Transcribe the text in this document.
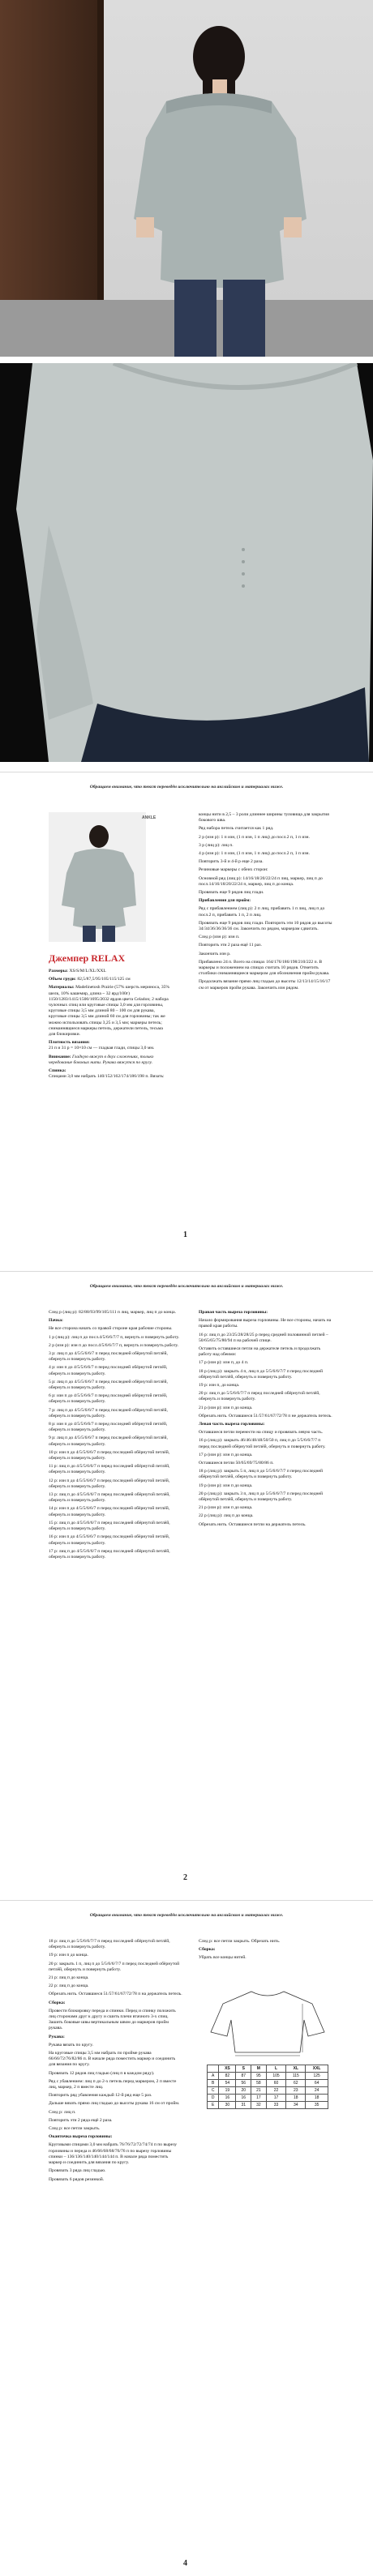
Обращаем внимание, что текст переведён исключительно на английском и материалах ниже.

ANKLE
Джемпер RELAX

Размеры: XS/S/M/L/XL/XXL

Объем груди: 82,5/87,5/95/105/115/125 см

Материалы: Madelinetosh Prairie (57% шерсть мериноса, 35% шелк, 10% кашемир, длина ~ 32 ярд/100г) 1150/1283/1415/1500/1695/2032 ярдов цвета Celadon; 2 набора чулочных спиц или круговые спицы 3,0 мм для горловины, круговые спицы 3,5 мм длиной 80 – 100 см для рукава, круговые спицы 3,5 мм длиной 60 см для горловины; так же можно использовать спицы 3,25 и 3,5 мм; маркеры петель; сниманнящиеся маркеры петель, держатели петель, тесьма для блокировки.

Плотность вязания:
21 п и 31 р = 10×10 см — гладкая глади, спицы 3,0 мм.

Внимание: Гладкую вяжут в двух сложениях, только чередование боковых нити. Рукава вяжутся по кругу.

Спинка:
Спицами 3,0 мм набрать 140/152/162/174/186/198 п. Вязать:

концы нити в 2,5 – 3 роли длиннее ширины туловища для закрытия бокового шва.

Ряд набора петель считается как 1 ряд.

2 р (изн р): 1 п изн, (1 п изн, 1 п лиц) до посл.2 п, 1 п изн.

3 р (лиц р): лиц п.

4 р (изн р): 1 п изн, (1 п изн, 1 п лиц) до посл.2 п, 1 п изн.

Повторить 3-й и 4-й р еще 2 раза.

Резиновые маркеры с обеих сторон:

Основной ряд (лиц р): 14/16/18/20/22/24 п лиц, маркер, лиц п до посл.14/16/18/20/22/24 п, маркер, лиц п до конца.

Провязать еще 9 рядов лиц глади.

Прибавления для пройм:

Ряд с прибавлением (лиц р): 2 п лиц, прибавить 1 п лиц, лиц п до посл.2 п, прибавить 1 п, 2 п лиц.

Провязать еще 9 рядов лиц глади. Повторить эти 10 рядов до высоты 34/34/36/36/36/36 см. Закончить по рядом, маркерам сдвигать.

След р (изн р): изн п.

Повторить эти 2 раза ещё 11 раз.

Закончить изн р.

Прибавлено 24 п. Всего на спицах 164/176/186/198/210/222 п. В маркеры и положением на спицах считать 10 рядов. Отметить столбики сниманнящиеся маркером для обозначения пройм рукава.

Продолжать вязание прямо лиц гладью до высоты 12/13/14/15/16/17 см от маркеров пройм рукава. Закончить изн рядом.

1

Обращаем внимание, что текст переведён исключительно на английском и материалах ниже.

След р (лиц р): 82/88/93/99/105/111 п лиц, маркер, лиц п до конца.

Пачка:

Не все сторона начать со правой стороне края рабочие стороны.

1 р (лиц р): лиц п до посл.4/5/6/6/7/7 п, вернуть и повернуть работу.

2 р (изн р): изн п до посл.4/5/6/6/7/7 п, вернуть и повернуть работу.

3 р: лиц п до 4/5/5/6/6/7 п перед последней обёрнутой петлёй, обернуть и повернуть работу.

4 р: изн п до 4/5/5/6/6/7 п перед последней обёрнутой петлёй, обернуть и повернуть работу.

5 р: лиц п до 4/5/5/6/6/7 п перед последней обёрнутой петлёй, обернуть и повернуть работу.

6 р: изн п до 4/5/5/6/6/7 п перед последней обёрнутой петлёй, обернуть и повернуть работу.

7 р: лиц п до 4/5/5/6/6/7 п перед последней обёрнутой петлёй, обернуть и повернуть работу.

8 р: изн п до 4/5/5/6/6/7 п перед последней обёрнутой петлёй, обернуть и повернуть работу.

9 р: лиц п до 4/5/5/6/6/7 п перед последней обёрнутой петлёй, обернуть и повернуть работу.

10 р: изн п до 4/5/5/6/6/7 п перед последней обёрнутой петлёй, обернуть и повернуть работу.

11 р: лиц п до 4/5/5/6/6/7 п перед последней обёрнутой петлёй, обернуть и повернуть работу.

12 р: изн п до 4/5/5/6/6/7 п перед последней обёрнутой петлёй, обернуть и повернуть работу.

13 р: лиц п до 4/5/5/6/6/7 п перед последней обёрнутой петлёй, обернуть и повернуть работу.

14 р: изн п до 4/5/5/6/6/7 п перед последней обёрнутой петлёй, обернуть и повернуть работу.

15 р: лиц п до 4/5/5/6/6/7 п перед последней обёрнутой петлёй, обернуть и повернуть работу.

16 р: изн п до 4/5/5/6/6/7 п перед последней обёрнутой петлёй, обернуть и повернуть работу.

17 р: лиц п до 4/5/5/6/6/7 п перед последней обёрнутой петлёй, обернуть и повернуть работу.

Правая часть выреза горловины:

Начало формирования выреза горловины. Не все стороны, начать на правой края работы.

16 р: лиц п до 23/25/28/28/25 р перед средней половинной петлей – 50/65/65/75/80/94 п на рабочей спице.

Оставить оставшиеся петли на держателе петель и продолжать работу над обеими:

17 р (изн р): изн п, до 4 п.

18 р (лиц р): закрыть 4 п, лиц п до 5/5/6/6/7/7 п перед последней обёрнутой петлёй, обернуть и повернуть работу.

19 р: изн п, до конца.

20 р: лиц п до 5/5/6/6/7/7 п перед последней обёрнутой петлёй, обернуть и повернуть работу.

21 р (изн р): изн п до конца.

Обрезать нить. Оставшиеся 51/57/61/67/72/78 п не держатель петель.

Левая часть выреза горловины:

Оставшиеся петли перенести на спицу и провязать левую часть.

16 р (лиц р): закрыть 46/46/48/48/50/50 п, лиц п до 5/5/6/6/7/7 п перед последней обёрнутой петлёй, обернуть и повернуть работу.

17 р (изн р): изн п до конца.

Оставшиеся петли 50/65/69/75/80/86 п.

18 р (лиц р): закрыть 5 п, лиц п до 5/5/6/6/7/7 п перед последней обёрнутой петлёй, обернуть и повернуть работу.

19 р (изн р): изн п до конца.

20 р (лиц р): закрыть 3 п, лиц п до 5/5/6/6/7/7 п перед последней обёрнутой петлёй, обернуть и повернуть работу.

21 р (изн р): изн п до конца.

22 р (лиц р): лиц п до конца.

Обрезать нить. Оставшиеся петли на держатель петель.

2

Обращаем внимание, что текст переведён исключительно на английском и материалах ниже.

18 р: лиц п до 5/5/6/6/7/7 п перед последней обёрнутой петлёй, обернуть и повернуть работу.

19 р: изн п до конца.

20 р: закрыть 1 п, лиц п до 5/5/6/6/7/7 п перед последней обёрнутой петлёй, обернуть и повернуть работу.

21 р: лиц п до конца.

22 р: лиц п до конца.

Обрезать нить. Оставшиеся 51/57/61/67/72/78 п на держатель петель.

Сборка:

Провести блокировку переда и спинки. Перед и спинку положить лиц сторонами друг к другу и сшить плечи втачного 3-х спиц. Зашить боковые швы вертикальным швом до маркеров пройм рукава.

Рукава:

Рукава вязать по кругу.

На круговые спицы 3,5 мм набрать по пройме рукава 66/66/72/76/82/86 п. В начале ряда поместить маркер и соединить для вязания по кругу.

Провязать 12 рядов лиц гладью (лиц п в каждом ряду).

Ряд с убавлением: лиц п до 2-х петель перед маркером, 2 п вместе лиц, маркер, 2 п вместе лиц.

Повторить ряд убавления каждый 12-й ряд еще 5 раз.

Дальше вязать прямо лиц гладью до высоты рукава 16 см от пройм.

След р: лиц п.

Повторить эти 2 ряда ещё 2 раза.

След р: все петли закрыть.

Оканточка выреза горловины:

Круговыми спицами 3,0 мм набрать 76/76/72/72/74/74 п по вырезу горловины и переда и 46/66/68/68/76/76 п по вырезу горловины спинки – 136/136/140/140/144/144 п. В начале ряда поместить маркер и соединить для вязания по кругу.

Провязать 3 ряда лиц гладью.

Провязать 6 рядов резинкой.

След р: все петли закрыть. Обрезать нить.

Сборка:

Убрать все концы нитей.

	XS	S	M	L	XL	XXL
A	82	87	95	105	115	125
B	54	56	58	60	62	64
C	19	20	21	22	23	24
D	16	16	17	17	18	18
E	30	31	32	33	34	35
4
